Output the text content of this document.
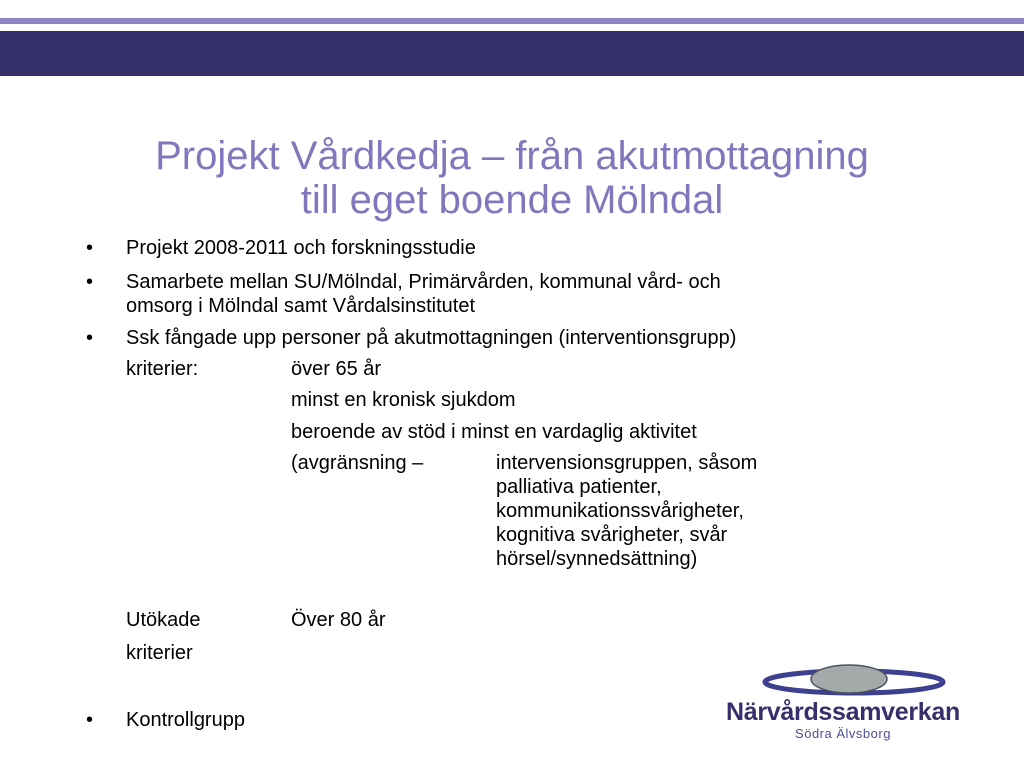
Projekt Vårdkedja – från akutmottagning
till eget boende Mölndal
• Projekt 2008-2011 och forskningsstudie
• Samarbete mellan SU/Mölndal, Primärvården, kommunal vård- och
omsorg i Mölndal samt Vårdalsinstitutet
• Ssk fångade upp personer på akutmottagningen (interventionsgrupp)
kriterier:	över 65 år
minst en kronisk sjukdom
beroende av stöd i minst en vardaglig aktivitet
(avgränsning –	intervensionsgruppen, såsom
palliativa patienter,
kommunikationssvårigheter,
kognitiva svårigheter, svår
hörsel/synnedsättning)
Utökade	Över 80 år
kriterier
• Kontrollgrupp	Närvårdssamverkan
Södra Älvsborg
